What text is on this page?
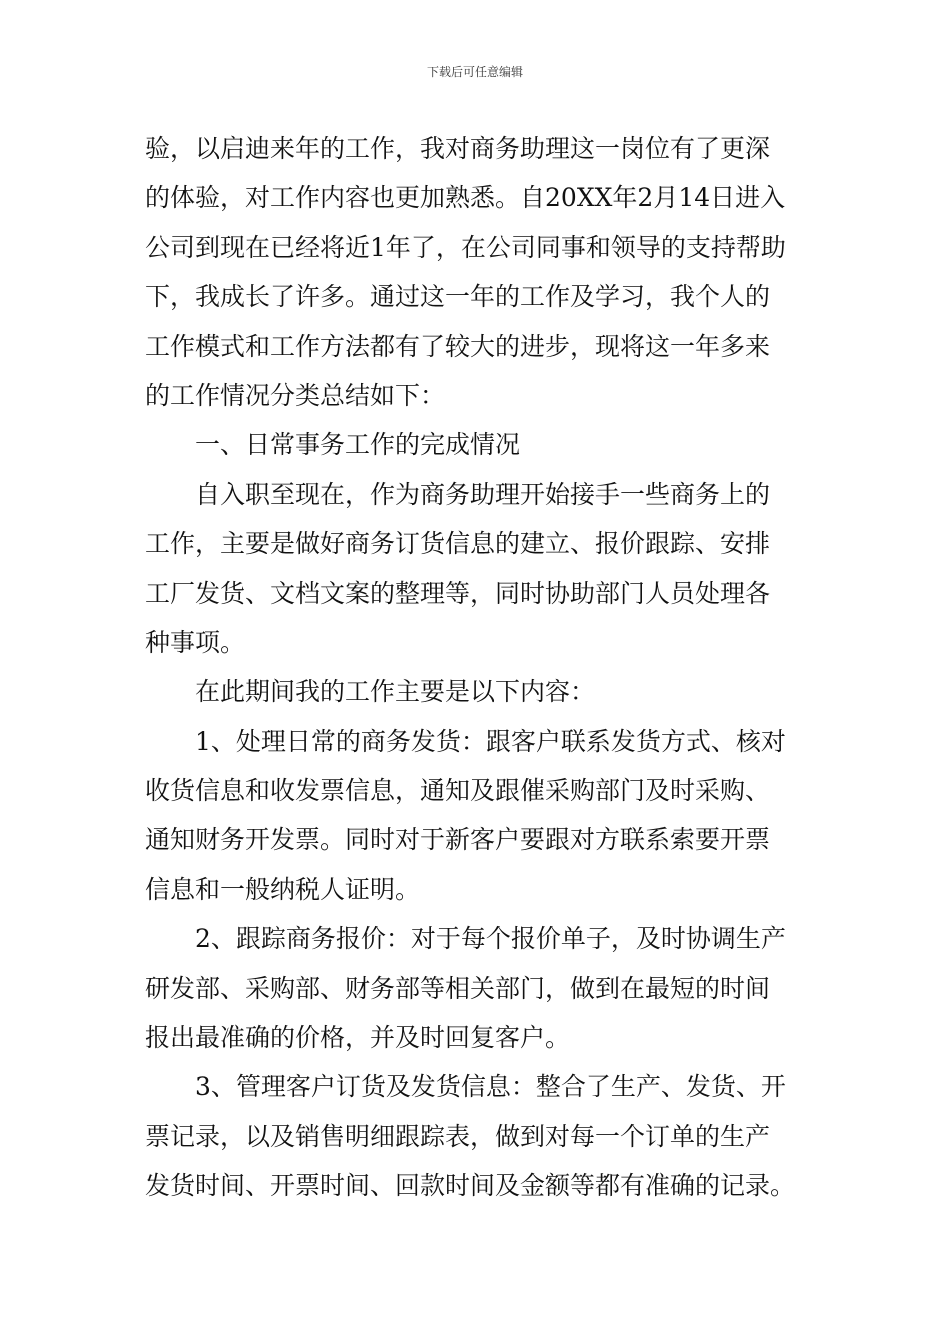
下载后可任意编辑
验，以启迪来年的工作，我对商务助理这一岗位有了更深
的体验，对工作内容也更加熟悉。自20XX年2月14日进入
公司到现在已经将近1年了，在公司同事和领导的支持帮助
下，我成长了许多。通过这一年的工作及学习，我个人的
工作模式和工作方法都有了较大的进步，现将这一年多来
的工作情况分类总结如下：
一、日常事务工作的完成情况
自入职至现在，作为商务助理开始接手一些商务上的
工作，主要是做好商务订货信息的建立、报价跟踪、安排
工厂发货、文档文案的整理等，同时协助部门人员处理各
种事项。
在此期间我的工作主要是以下内容：
1、处理日常的商务发货：跟客户联系发货方式、核对
收货信息和收发票信息，通知及跟催采购部门及时采购、
通知财务开发票。同时对于新客户要跟对方联系索要开票
信息和一般纳税人证明。
2、跟踪商务报价：对于每个报价单子，及时协调生产
研发部、采购部、财务部等相关部门，做到在最短的时间
报出最准确的价格，并及时回复客户。
3、管理客户订货及发货信息：整合了生产、发货、开
票记录，以及销售明细跟踪表，做到对每一个订单的生产
发货时间、开票时间、回款时间及金额等都有准确的记录。
